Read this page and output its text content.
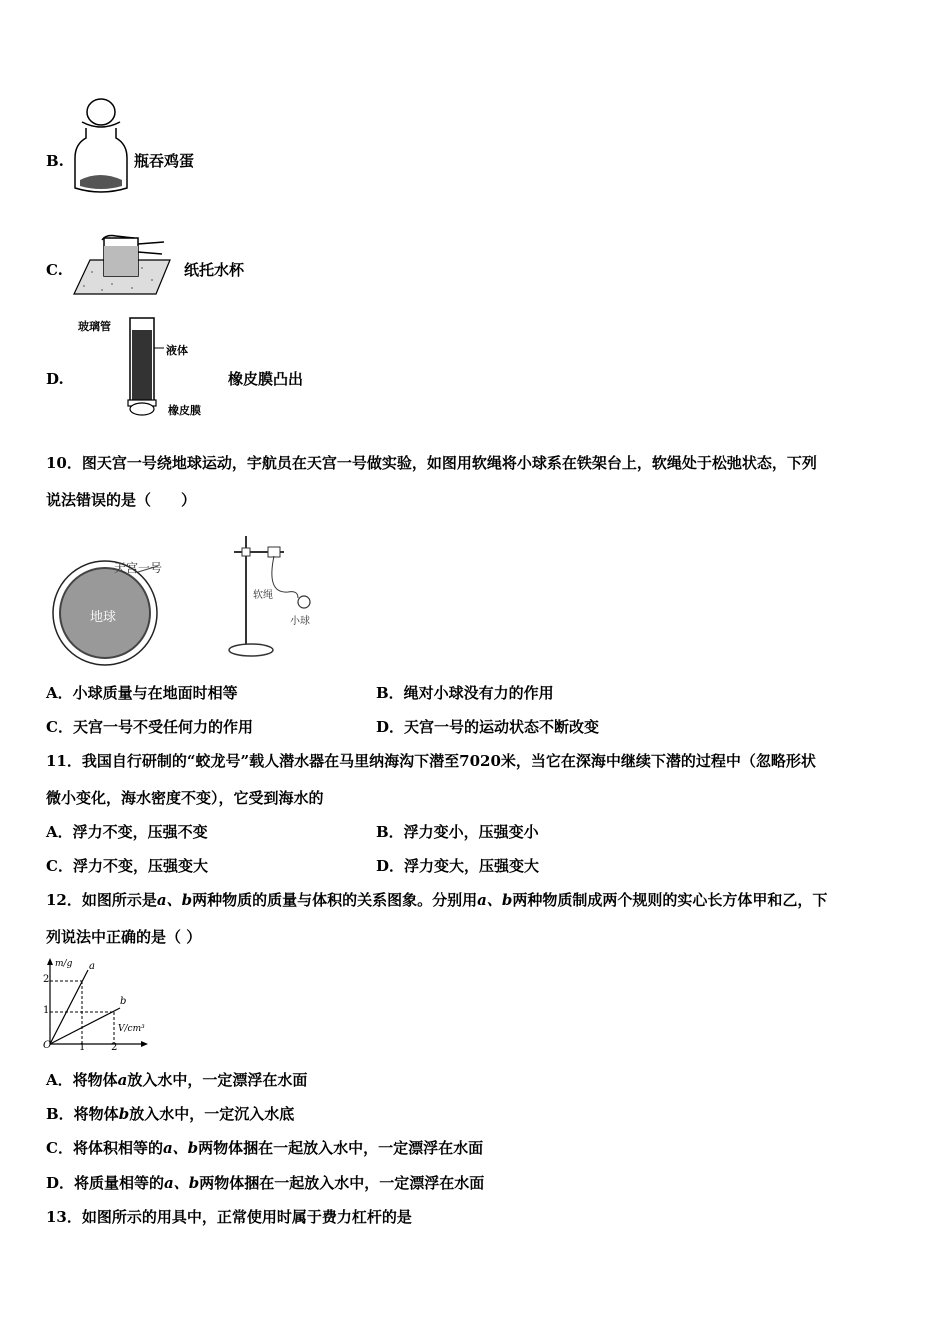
B.	瓶吞鸡蛋
C.	纸托水杯
D.
玻璃管
液体
橡皮膜
橡皮膜凸出
10．图天宫一号绕地球运动，宇航员在天宫一号做实验，如图用软绳将小球系在铁架台上，软绳处于松弛状态，下列
说法错误的是（　　）
地球
天宫一号
软绳
小球
A．小球质量与在地面时相等	B．绳对小球没有力的作用
C．天宫一号不受任何力的作用	D．天宫一号的运动状态不断改变
11．我国自行研制的“蛟龙号”载人潜水器在马里纳海沟下潜至7020米，当它在深海中继续下潜的过程中（忽略形状
微小变化，海水密度不变），它受到海水的
A．浮力不变，压强不变	B．浮力变小，压强变小
C．浮力不变，压强变大	D．浮力变大，压强变大
12．如图所示是a、b两种物质的质量与体积的关系图象。分别用a、b两种物质制成两个规则的实心长方体甲和乙，下
列说法中正确的是（ ）
m/g a
b
V/cm³
2
1
O	1	2
A．将物体a放入水中，一定漂浮在水面
B．将物体b放入水中，一定沉入水底
C．将体积相等的a、b两物体捆在一起放入水中，一定漂浮在水面
D．将质量相等的a、b两物体捆在一起放入水中，一定漂浮在水面
13．如图所示的用具中，正常使用时属于费力杠杆的是
